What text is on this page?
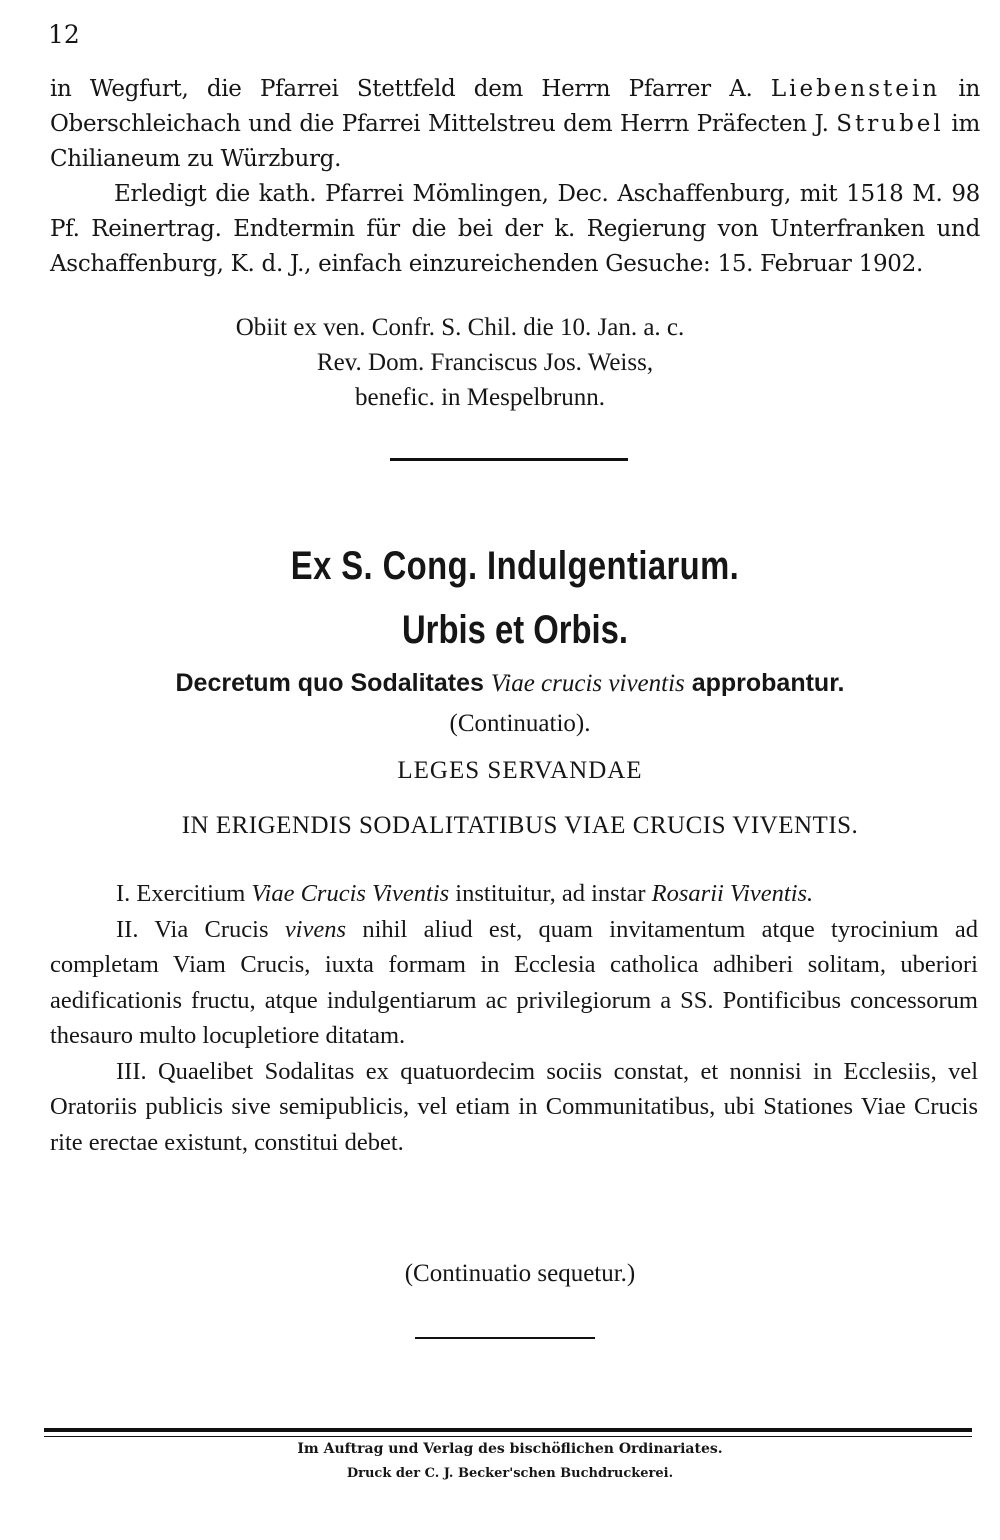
12

in Wegfurt, die Pfarrei Stettfeld dem Herrn Pfarrer A. Liebenstein in Oberschleichach und die Pfarrei Mittelstreu dem Herrn Präfecten J. Strubel im Chilianeum zu Würzburg.

Erledigt die kath. Pfarrei Mömlingen, Dec. Aschaffenburg, mit 1518 M. 98 Pf. Reinertrag. Endtermin für die bei der k. Regierung von Unterfranken und Aschaffenburg, K. d. J., einfach einzureichenden Gesuche: 15. Februar 1902.

Obiit ex ven. Confr. S. Chil. die 10. Jan. a. c.
Rev. Dom. Franciscus Jos. Weiss,
benefic. in Mespelbrunn.
Ex S. Cong. Indulgentiarum.
Urbis et Orbis.
Decretum quo Sodalitates Viae crucis viventis approbantur.
(Continuatio).
LEGES SERVANDAE
IN ERIGENDIS SODALITATIBUS VIAE CRUCIS VIVENTIS.

I. Exercitium Viae Crucis Viventis instituitur, ad instar Rosarii Viventis.

II. Via Crucis vivens nihil aliud est, quam invitamentum atque tyrocinium ad completam Viam Crucis, iuxta formam in Ecclesia catholica adhiberi solitam, uberiori aedificationis fructu, atque indulgentiarum ac privilegiorum a SS. Pontificibus concessorum thesauro multo locupletiore ditatam.

III. Quaelibet Sodalitas ex quatuordecim sociis constat, et nonnisi in Ecclesiis, vel Oratoriis publicis sive semipublicis, vel etiam in Communitatibus, ubi Stationes Viae Crucis rite erectae existunt, constitui debet.

(Continuatio sequetur.)
Im Auftrag und Verlag des bischöflichen Ordinariates.
Druck der C. J. Becker'schen Buchdruckerei.
